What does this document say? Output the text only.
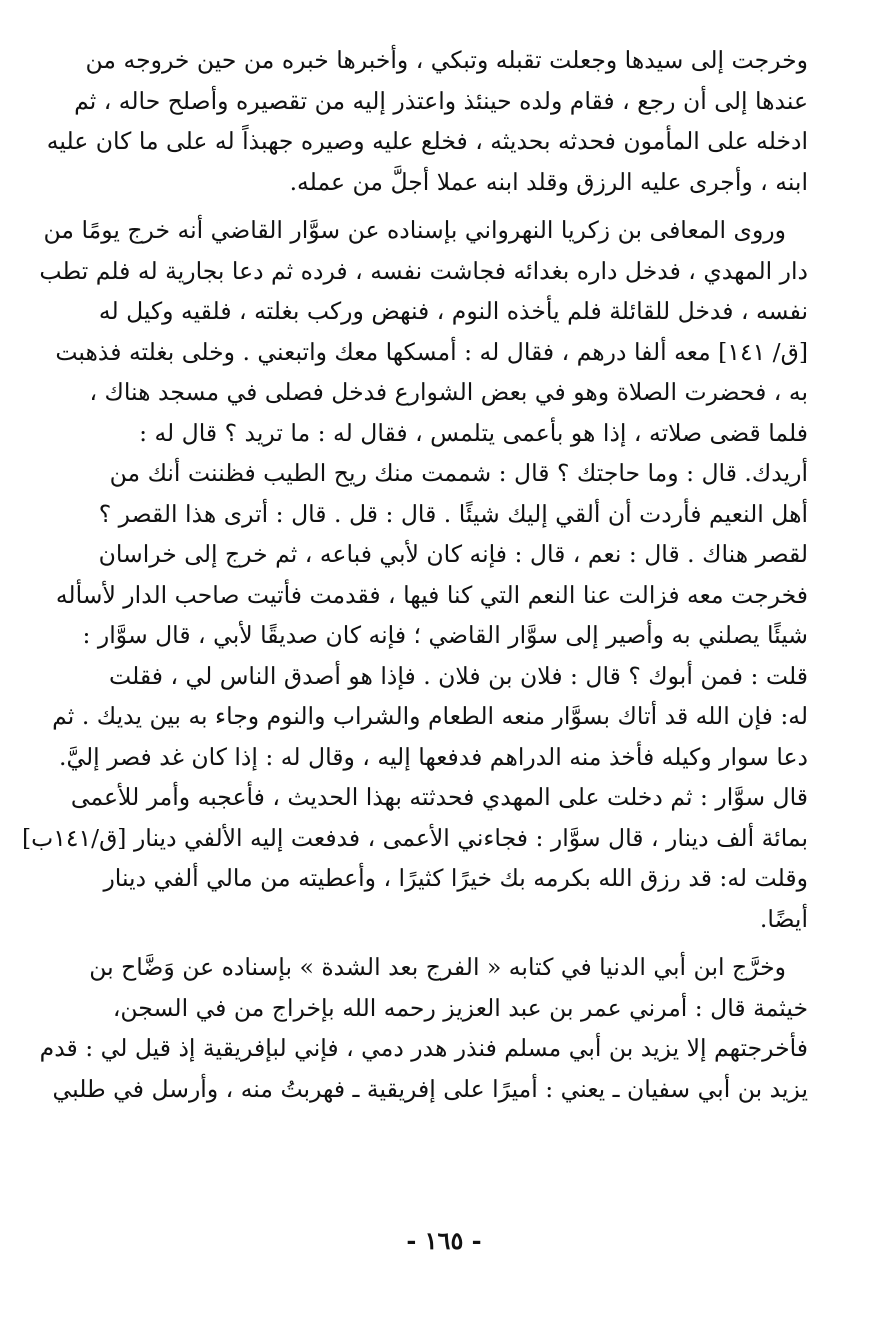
وخرجت إلى سيدها وجعلت تقبله وتبكي ، وأخبرها خبره من حين خروجه من
عندها إلى أن رجع ، فقام ولده حينئذ واعتذر إليه من تقصيره وأصلح حاله ، ثم
ادخله على المأمون فحدثه بحديثه ، فخلع عليه وصيره جهبذاً له على ما كان عليه
ابنه ، وأجرى عليه الرزق وقلد ابنه عملا أجلَّ من عمله.
وروى المعافى بن زكريا النهرواني بإسناده عن سوَّار القاضي أنه خرج يومًا من
دار المهدي ، فدخل داره بغدائه فجاشت نفسه ، فرده ثم دعا بجارية له فلم تطب
نفسه ، فدخل للقائلة فلم يأخذه النوم ، فنهض وركب بغلته ، فلقيه وكيل له
[ق/ ١٤١] معه ألفا درهم ، فقال له : أمسكها معك واتبعني . وخلى بغلته فذهبت
به ، فحضرت الصلاة وهو في بعض الشوارع فدخل فصلى في مسجد هناك ،
فلما قضى صلاته ، إذا هو بأعمى يتلمس ، فقال له : ما تريد ؟ قال له :
أريدك. قال : وما حاجتك ؟ قال : شممت منك ريح الطيب فظننت أنك من
أهل النعيم فأردت أن ألقي إليك شيئًا . قال : قل . قال : أترى هذا القصر ؟
لقصر هناك . قال : نعم ، قال : فإنه كان لأبي فباعه ، ثم خرج إلى خراسان
فخرجت معه فزالت عنا النعم التي كنا فيها ، فقدمت فأتيت صاحب الدار لأسأله
شيئًا يصلني به وأصير إلى سوَّار القاضي ؛ فإنه كان صديقًا لأبي ، قال سوَّار :
قلت : فمن أبوك ؟ قال : فلان بن فلان . فإذا هو أصدق الناس لي ، فقلت
له: فإن الله قد أتاك بسوَّار منعه الطعام والشراب والنوم وجاء به بين يديك . ثم
دعا سوار وكيله فأخذ منه الدراهم فدفعها إليه ، وقال له : إذا كان غد فصر إليَّ.
قال سوَّار : ثم دخلت على المهدي فحدثته بهذا الحديث ، فأعجبه وأمر للأعمى
بمائة ألف دينار ، قال سوَّار : فجاءني الأعمى ، فدفعت إليه الألفي دينار [ق/١٤١ب]
وقلت له: قد رزق الله بكرمه بك خيرًا كثيرًا ، وأعطيته من مالي ألفي دينار
أيضًا.
وخرَّج ابن أبي الدنيا في كتابه « الفرج بعد الشدة » بإسناده عن وَضَّاح بن
خيثمة قال : أمرني عمر بن عبد العزيز رحمه الله بإخراج من في السجن،
فأخرجتهم إلا يزيد بن أبي مسلم فنذر هدر دمي ، فإني لبإفريقية إذ قيل لي : قدم
يزيد بن أبي سفيان ـ يعني : أميرًا على إفريقية ـ فهربتُ منه ، وأرسل في طلبي
- ١٦٥ -
